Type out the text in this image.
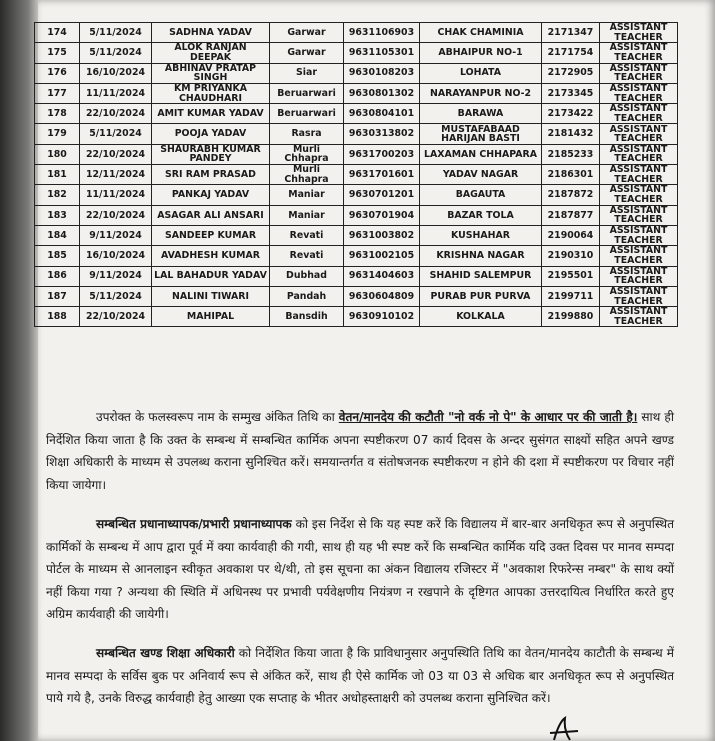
174	5/11/2024	SADHNA YADAV	Garwar	9631106903	CHAK CHAMINIA	2171347	ASSISTANT TEACHER
175	5/11/2024	ALOK RANJAN DEEPAK	Garwar	9631105301	ABHAIPUR NO-1	2171754	ASSISTANT TEACHER
176	16/10/2024	ABHINAV PRATAP SINGH	Siar	9630108203	LOHATA	2172905	ASSISTANT TEACHER
177	11/11/2024	KM PRIYANKA CHAUDHARI	Beruarwari	9630801302	NARAYANPUR NO-2	2173345	ASSISTANT TEACHER
178	22/10/2024	AMIT KUMAR YADAV	Beruarwari	9630804101	BARAWA	2173422	ASSISTANT TEACHER
179	5/11/2024	POOJA YADAV	Rasra	9630313802	MUSTAFABAAD HARIJAN BASTI	2181432	ASSISTANT TEACHER
180	22/10/2024	SHAURABH KUMAR PANDEY	Murli Chhapra	9631700203	LAXAMAN CHHAPARA	2185233	ASSISTANT TEACHER
181	12/11/2024	SRI RAM PRASAD	Murli Chhapra	9631701601	YADAV NAGAR	2186301	ASSISTANT TEACHER
182	11/11/2024	PANKAJ YADAV	Maniar	9630701201	BAGAUTA	2187872	ASSISTANT TEACHER
183	22/10/2024	ASAGAR ALI ANSARI	Maniar	9630701904	BAZAR TOLA	2187877	ASSISTANT TEACHER
184	9/11/2024	SANDEEP KUMAR	Revati	9631003802	KUSHAHAR	2190064	ASSISTANT TEACHER
185	16/10/2024	AVADHESH KUMAR	Revati	9631002105	KRISHNA NAGAR	2190310	ASSISTANT TEACHER
186	9/11/2024	LAL BAHADUR YADAV	Dubhad	9631404603	SHAHID SALEMPUR	2195501	ASSISTANT TEACHER
187	5/11/2024	NALINI TIWARI	Pandah	9630604809	PURAB PUR PURVA	2199711	ASSISTANT TEACHER
188	22/10/2024	MAHIPAL	Bansdih	9630910102	KOLKALA	2199880	ASSISTANT TEACHER
उपरोक्त के फलस्वरूप नाम के सम्मुख अंकित तिथि का वेतन/मानदेय की कटौती "नो वर्क नो पे" के आधार पर की जाती है। साथ ही निर्देशित किया जाता है कि उक्त के सम्बन्ध में सम्बन्धित कार्मिक अपना स्पष्टीकरण 07 कार्य दिवस के अन्दर सुसंगत साक्ष्यों सहित अपने खण्ड शिक्षा अधिकारी के माध्यम से उपलब्ध कराना सुनिश्चित करें। समयान्तर्गत व संतोषजनक स्पष्टीकरण न होने की दशा में स्पष्टीकरण पर विचार नहीं किया जायेगा।
सम्बन्धित प्रधानाध्यापक/प्रभारी प्रधानाध्यापक को इस निर्देश से कि यह स्पष्ट करें कि विद्यालय में बार-बार अनधिकृत रूप से अनुपस्थित कार्मिकों के सम्बन्ध में आप द्वारा पूर्व में क्या कार्यवाही की गयी, साथ ही यह भी स्पष्ट करें कि सम्बन्धित कार्मिक यदि उक्त दिवस पर मानव सम्पदा पोर्टल के माध्यम से आनलाइन स्वीकृत अवकाश पर थे/थी, तो इस सूचना का अंकन विद्यालय रजिस्टर में "अवकाश रिफरेन्स नम्बर" के साथ क्यों नहीं किया गया ? अन्यथा की स्थिति में अधिनस्थ पर प्रभावी पर्यवेक्षणीय नियंत्रण न रखपाने के दृष्टिगत आपका उत्तरदायित्व निर्धारित करते हुए अग्रिम कार्यवाही की जायेगी।
सम्बन्धित खण्ड शिक्षा अधिकारी को निर्देशित किया जाता है कि प्राविधानुसार अनुपस्थिति तिथि का वेतन/मानदेय काटौती के सम्बन्ध में मानव सम्पदा के सर्विस बुक पर अनिवार्य रूप से अंकित करें, साथ ही ऐसे कार्मिक जो 03 या 03 से अधिक बार अनधिकृत रूप से अनुपस्थित पाये गये है, उनके विरुद्ध कार्यवाही हेतु आख्या एक सप्ताह के भीतर अधोहस्ताक्षरी को उपलब्ध कराना सुनिश्चित करें।
